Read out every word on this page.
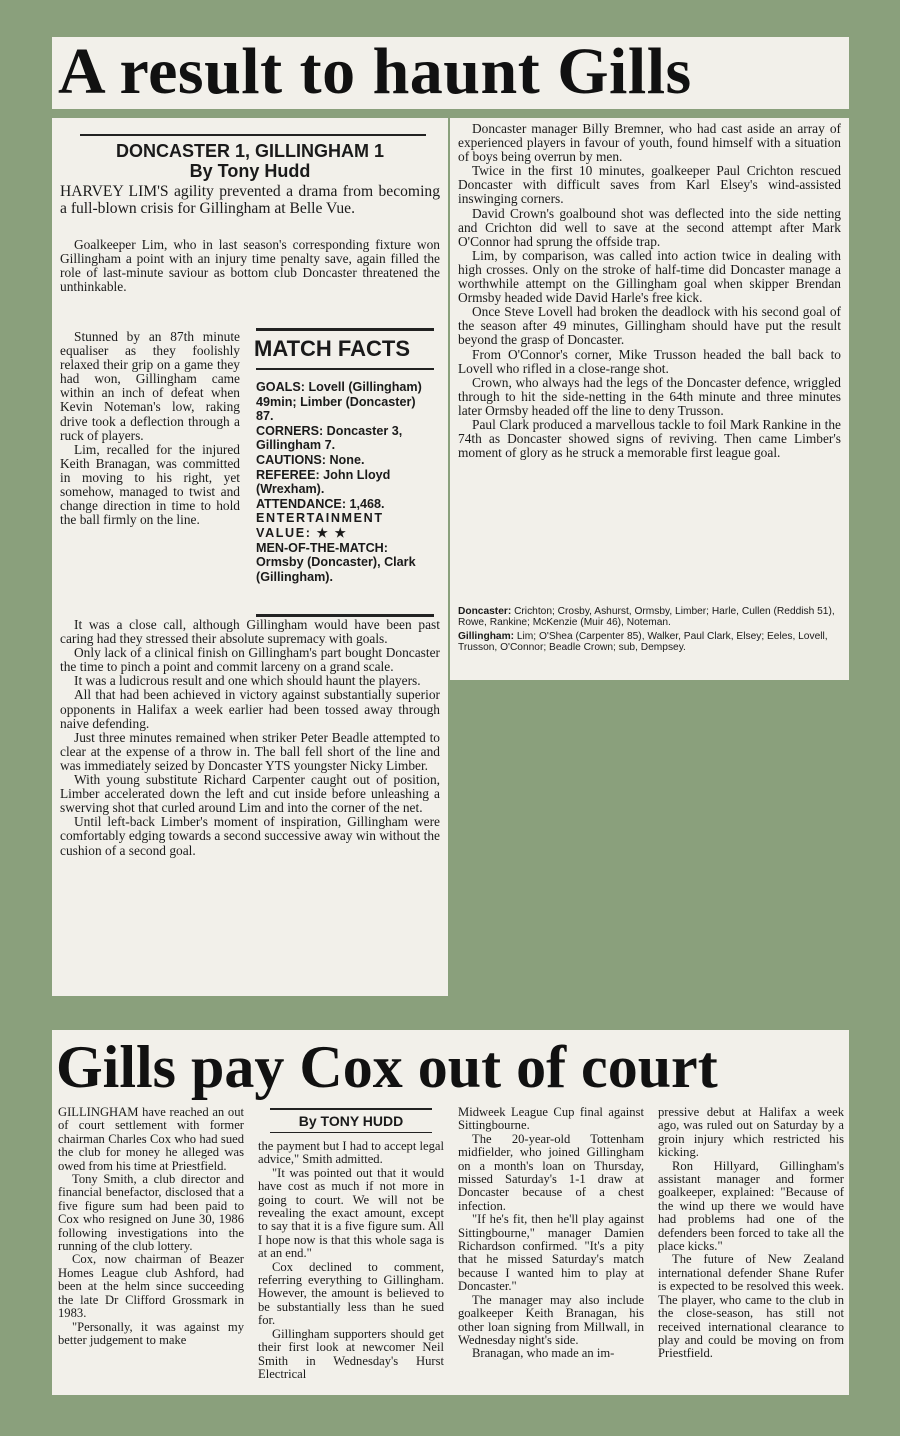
A result to haunt Gills
DONCASTER 1, GILLINGHAM 1
By Tony Hudd

HARVEY LIM'S agility prevented a drama from becoming a full-blown crisis for Gillingham at Belle Vue.

Goalkeeper Lim, who in last season's corresponding fixture won Gillingham a point with an injury time penalty save, again filled the role of last-minute saviour as bottom club Doncaster threatened the unthinkable.

Stunned by an 87th minute equaliser as they foolishly relaxed their grip on a game they had won, Gillingham came within an inch of defeat when Kevin Noteman's low, raking drive took a deflection through a ruck of players.

Lim, recalled for the injured Keith Branagan, was committed in moving to his right, yet somehow, managed to twist and change direction in time to hold the ball firmly on the line.

MATCH FACTS
GOALS: Lovell (Gillingham) 49min; Limber (Doncaster) 87.
CORNERS: Doncaster 3, Gillingham 7.
CAUTIONS: None.
REFEREE: John Lloyd (Wrexham).
ATTENDANCE: 1,468.
ENTERTAINMENT VALUE: ★ ★
MEN-OF-THE-MATCH: Ormsby (Doncaster), Clark (Gillingham).

It was a close call, although Gillingham would have been past caring had they stressed their absolute supremacy with goals.

Only lack of a clinical finish on Gillingham's part bought Doncaster the time to pinch a point and commit larceny on a grand scale.

It was a ludicrous result and one which should haunt the players.

All that had been achieved in victory against substantially superior opponents in Halifax a week earlier had been tossed away through naive defending.

Just three minutes remained when striker Peter Beadle attempted to clear at the expense of a throw in. The ball fell short of the line and was immediately seized by Doncaster YTS youngster Nicky Limber.

With young substitute Richard Carpenter caught out of position, Limber accelerated down the left and cut inside before unleashing a swerving shot that curled around Lim and into the corner of the net.

Until left-back Limber's moment of inspiration, Gillingham were comfortably edging towards a second successive away win without the cushion of a second goal.

Doncaster manager Billy Bremner, who had cast aside an array of experienced players in favour of youth, found himself with a situation of boys being overrun by men.

Twice in the first 10 minutes, goalkeeper Paul Crichton rescued Doncaster with difficult saves from Karl Elsey's wind-assisted inswinging corners.

David Crown's goalbound shot was deflected into the side netting and Crichton did well to save at the second attempt after Mark O'Connor had sprung the offside trap.

Lim, by comparison, was called into action twice in dealing with high crosses. Only on the stroke of half-time did Doncaster manage a worthwhile attempt on the Gillingham goal when skipper Brendan Ormsby headed wide David Harle's free kick.

Once Steve Lovell had broken the deadlock with his second goal of the season after 49 minutes, Gillingham should have put the result beyond the grasp of Doncaster.

From O'Connor's corner, Mike Trusson headed the ball back to Lovell who rifled in a close-range shot.

Crown, who always had the legs of the Doncaster defence, wriggled through to hit the side-netting in the 64th minute and three minutes later Ormsby headed off the line to deny Trusson.

Paul Clark produced a marvellous tackle to foil Mark Rankine in the 74th as Doncaster showed signs of reviving. Then came Limber's moment of glory as he struck a memorable first league goal.

Doncaster: Crichton; Crosby, Ashurst, Ormsby, Limber; Harle, Cullen (Reddish 51), Rowe, Rankine; McKenzie (Muir 46), Noteman.
Gillingham: Lim; O'Shea (Carpenter 85), Walker, Paul Clark, Elsey; Eeles, Lovell, Trusson, O'Connor; Beadle Crown; sub, Dempsey.
Gills pay Cox out of court

GILLINGHAM have reached an out of court settlement with former chairman Charles Cox who had sued the club for money he alleged was owed from his time at Priestfield.

Tony Smith, a club director and financial benefactor, disclosed that a five figure sum had been paid to Cox who resigned on June 30, 1986 following investigations into the running of the club lottery.

Cox, now chairman of Beazer Homes League club Ashford, had been at the helm since succeeding the late Dr Clifford Grossmark in 1983.

"Personally, it was against my better judgement to make

By TONY HUDD

the payment but I had to accept legal advice," Smith admitted.

"It was pointed out that it would have cost as much if not more in going to court. We will not be revealing the exact amount, except to say that it is a five figure sum. All I hope now is that this whole saga is at an end."

Cox declined to comment, referring everything to Gillingham. However, the amount is believed to be substantially less than he sued for.

Gillingham supporters should get their first look at newcomer Neil Smith in Wednesday's Hurst Electrical

Midweek League Cup final against Sittingbourne.

The 20-year-old Tottenham midfielder, who joined Gillingham on a month's loan on Thursday, missed Saturday's 1-1 draw at Doncaster because of a chest infection.

"If he's fit, then he'll play against Sittingbourne," manager Damien Richardson confirmed. "It's a pity that he missed Saturday's match because I wanted him to play at Doncaster."

The manager may also include goalkeeper Keith Branagan, his other loan signing from Millwall, in Wednesday night's side.

Branagan, who made an im-

pressive debut at Halifax a week ago, was ruled out on Saturday by a groin injury which restricted his kicking.

Ron Hillyard, Gillingham's assistant manager and former goalkeeper, explained: "Because of the wind up there we would have had problems had one of the defenders been forced to take all the place kicks."

The future of New Zealand international defender Shane Rufer is expected to be resolved this week. The player, who came to the club in the close-season, has still not received international clearance to play and could be moving on from Priestfield.
